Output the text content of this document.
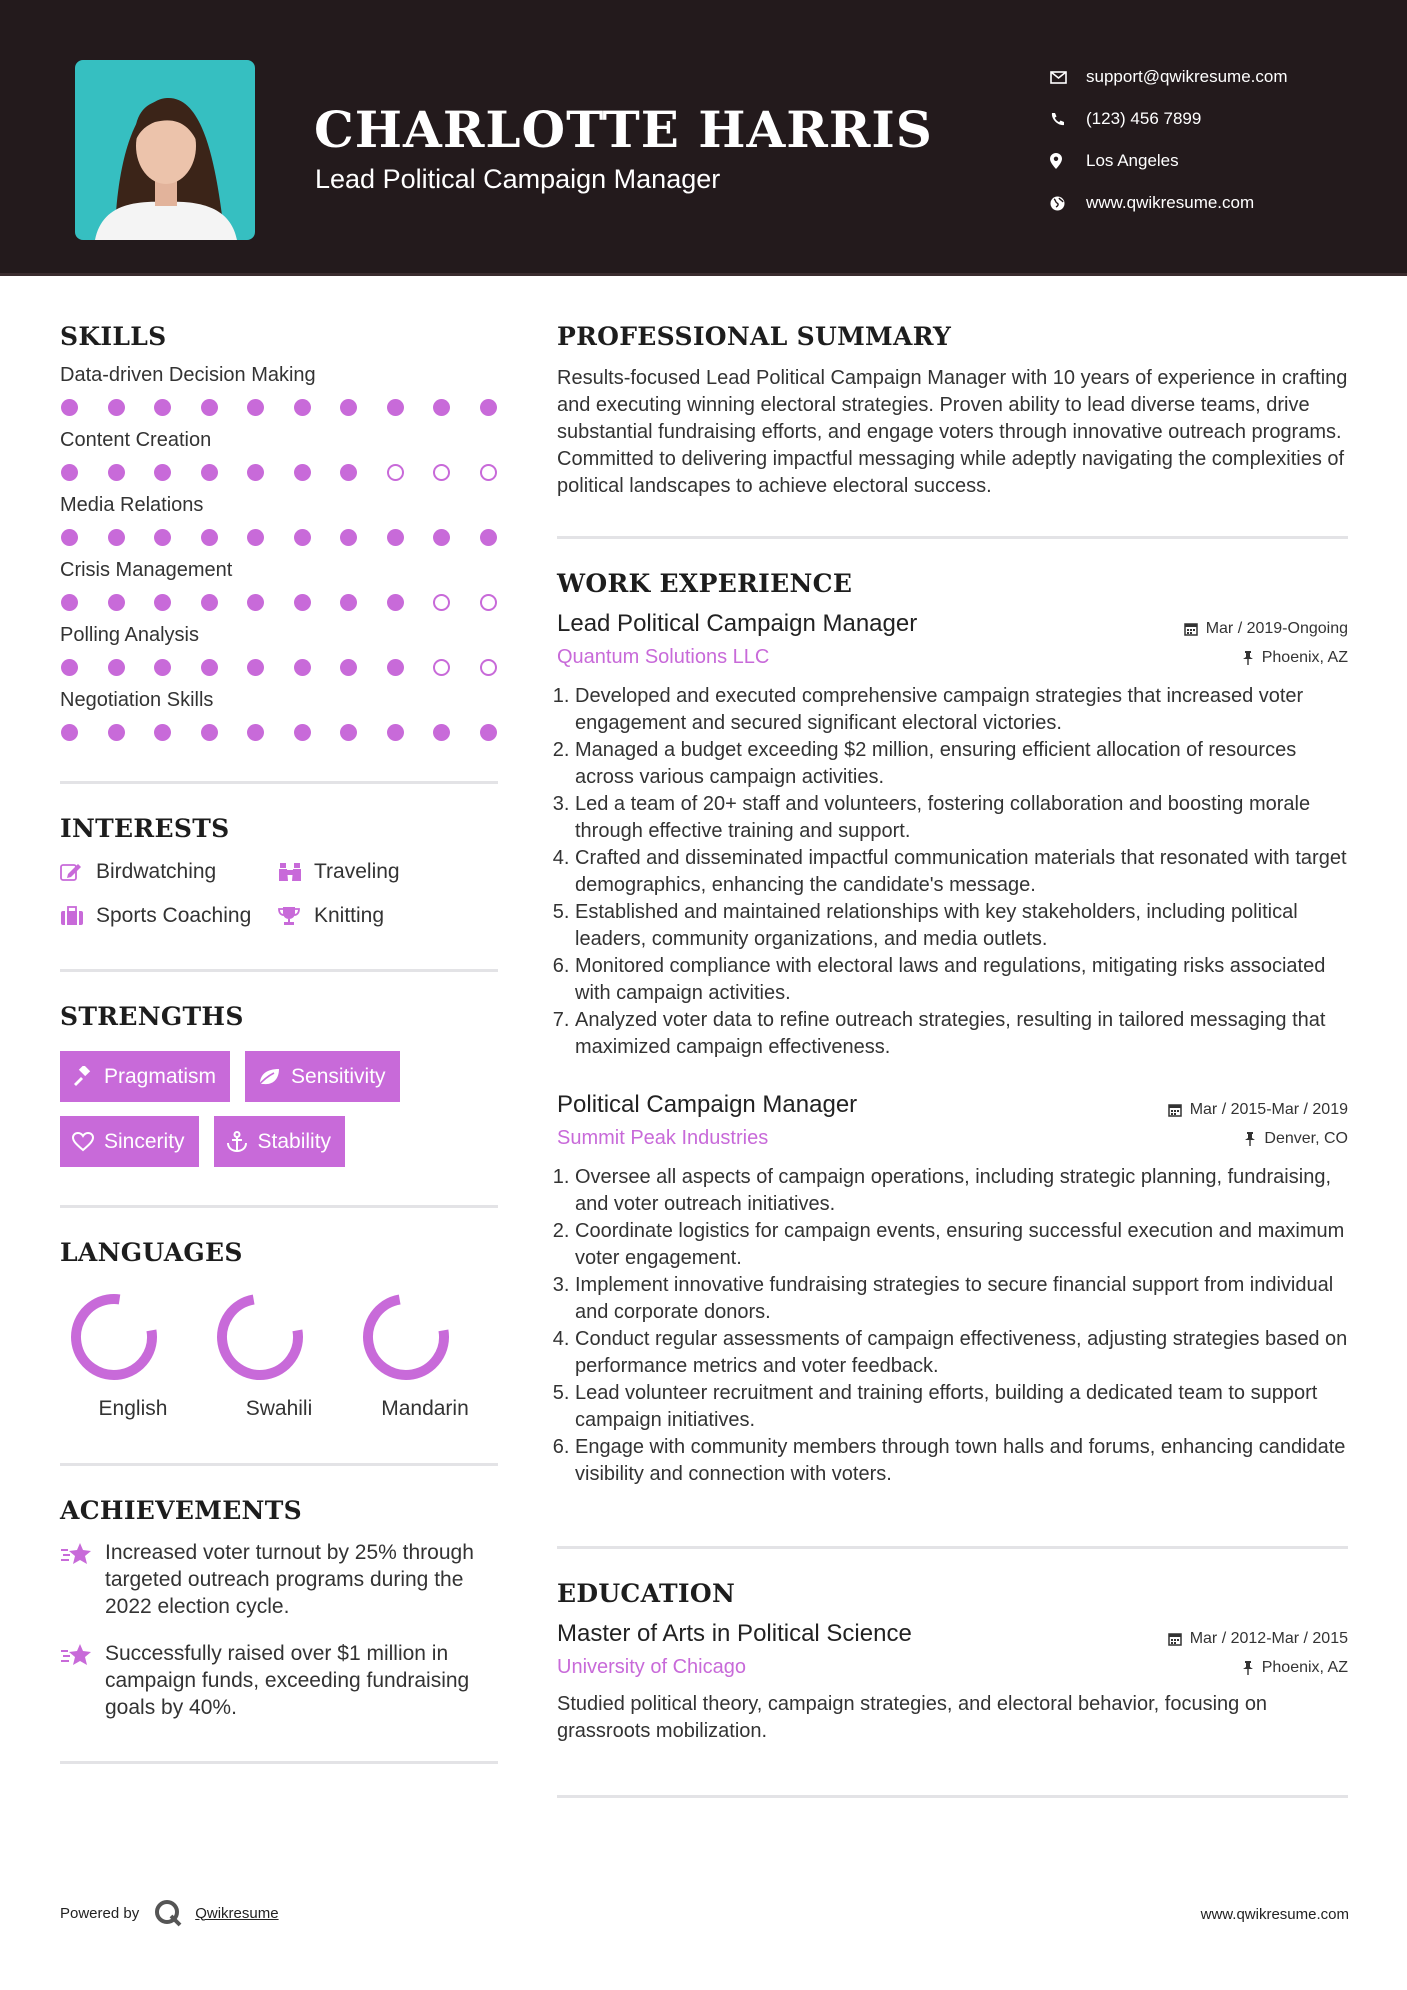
CHARLOTTE HARRIS
Lead Political Campaign Manager
support@qwikresume.com
(123) 456 7899
Los Angeles
www.qwikresume.com
SKILLS
Data-driven Decision Making
Content Creation
Media Relations
Crisis Management
Polling Analysis
Negotiation Skills
INTERESTS
Birdwatching	Traveling
Sports Coaching	Knitting
STRENGTHS
Pragmatism	Sensitivity
Sincerity	Stability
LANGUAGES
English	Swahili	Mandarin
ACHIEVEMENTS
Increased voter turnout by 25% through targeted outreach programs during the 2022 election cycle.
Successfully raised over $1 million in campaign funds, exceeding fundraising goals by 40%.
PROFESSIONAL SUMMARY
Results-focused Lead Political Campaign Manager with 10 years of experience in crafting and executing winning electoral strategies. Proven ability to lead diverse teams, drive substantial fundraising efforts, and engage voters through innovative outreach programs. Committed to delivering impactful messaging while adeptly navigating the complexities of political landscapes to achieve electoral success.
WORK EXPERIENCE
Lead Political Campaign Manager	Mar / 2019-Ongoing
Quantum Solutions LLC	Phoenix, AZ
1. Developed and executed comprehensive campaign strategies that increased voter engagement and secured significant electoral victories.
2. Managed a budget exceeding $2 million, ensuring efficient allocation of resources across various campaign activities.
3. Led a team of 20+ staff and volunteers, fostering collaboration and boosting morale through effective training and support.
4. Crafted and disseminated impactful communication materials that resonated with target demographics, enhancing the candidate's message.
5. Established and maintained relationships with key stakeholders, including political leaders, community organizations, and media outlets.
6. Monitored compliance with electoral laws and regulations, mitigating risks associated with campaign activities.
7. Analyzed voter data to refine outreach strategies, resulting in tailored messaging that maximized campaign effectiveness.
Political Campaign Manager	Mar / 2015-Mar / 2019
Summit Peak Industries	Denver, CO
1. Oversee all aspects of campaign operations, including strategic planning, fundraising, and voter outreach initiatives.
2. Coordinate logistics for campaign events, ensuring successful execution and maximum voter engagement.
3. Implement innovative fundraising strategies to secure financial support from individual and corporate donors.
4. Conduct regular assessments of campaign effectiveness, adjusting strategies based on performance metrics and voter feedback.
5. Lead volunteer recruitment and training efforts, building a dedicated team to support campaign initiatives.
6. Engage with community members through town halls and forums, enhancing candidate visibility and connection with voters.
EDUCATION
Master of Arts in Political Science	Mar / 2012-Mar / 2015
University of Chicago	Phoenix, AZ
Studied political theory, campaign strategies, and electoral behavior, focusing on grassroots mobilization.
Powered by	Qwikresume	www.qwikresume.com
